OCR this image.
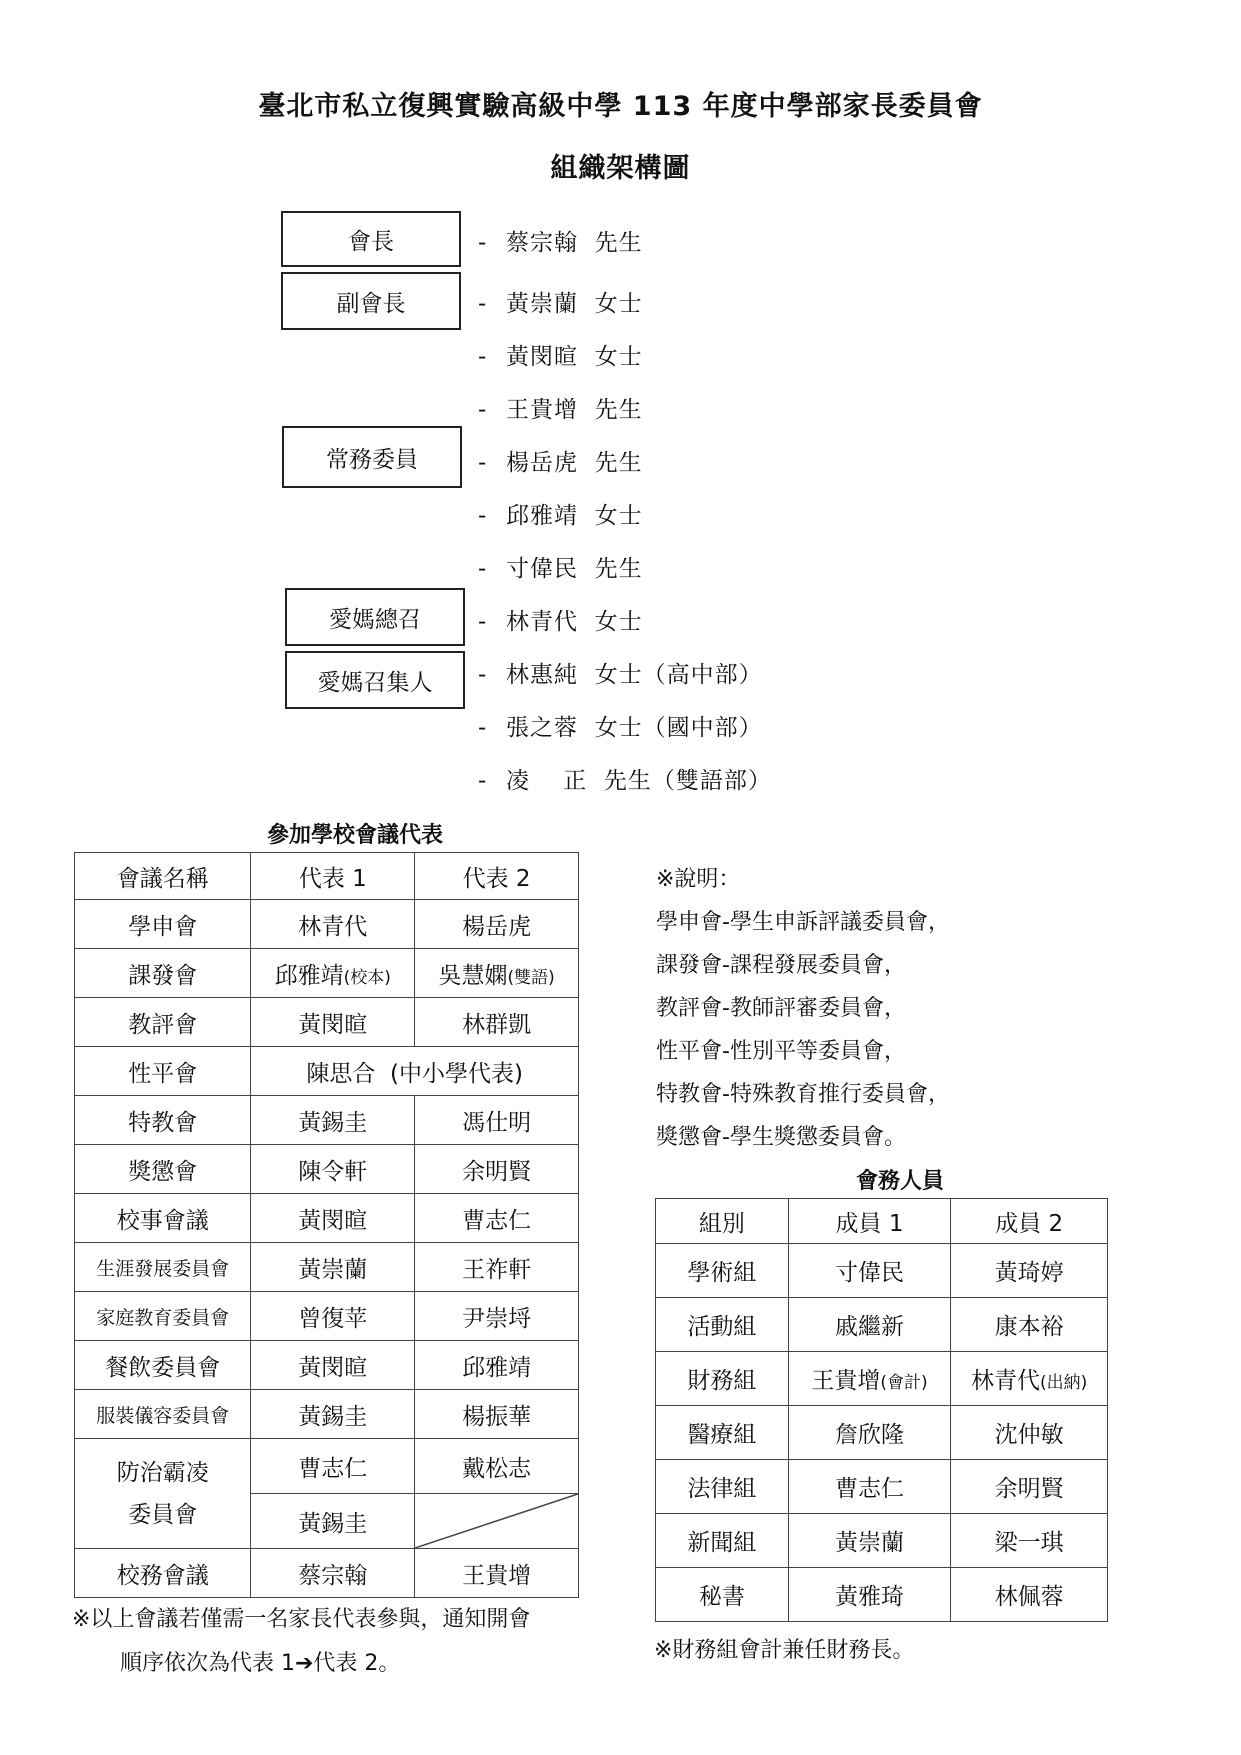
臺北市私立復興實驗高級中學 113 年度中學部家長委員會
組織架構圖
會長
副會長
常務委員
愛媽總召
愛媽召集人
- 蔡宗翰  先生
- 黃崇蘭  女士
- 黃閔暄  女士
- 王貴增  先生
- 楊岳虎  先生
- 邱雅靖  女士
- 寸偉民  先生
- 林青代  女士
- 林惠純  女士（高中部）
- 張之蓉  女士（國中部）
- 凌    正  先生（雙語部）
參加學校會議代表
會議名稱	代表 1	代表 2
學申會	林青代	楊岳虎
課發會	邱雅靖(校本)	吳慧嫻(雙語)
教評會	黃閔暄	林群凱
性平會	陳思合  (中小學代表)	
特教會	黃錫圭	馮仕明
獎懲會	陳令軒	余明賢
校事會議	黃閔暄	曹志仁
生涯發展委員會	黃崇蘭	王祚軒
家庭教育委員會	曾復苹	尹崇埒
餐飲委員會	黃閔暄	邱雅靖
服裝儀容委員會	黃錫圭	楊振華

防治霸凌
委員會	曹志仁	戴松志
	黃錫圭	

校務會議	蔡宗翰	王貴增
※以上會議若僅需一名家長代表參與，通知開會
順序依次為代表 1➔代表 2。
※說明：
學申會-學生申訴評議委員會，
課發會-課程發展委員會，
教評會-教師評審委員會，
性平會-性別平等委員會，
特教會-特殊教育推行委員會，
獎懲會-學生獎懲委員會。
會務人員
組別	成員 1	成員 2
學術組	寸偉民	黃琦婷
活動組	戚繼新	康本裕
財務組	王貴增(會計)	林青代(出納)
醫療組	詹欣隆	沈仲敏
法律組	曹志仁	余明賢
新聞組	黃崇蘭	梁一琪
秘書	黃雅琦	林佩蓉
※財務組會計兼任財務長。
